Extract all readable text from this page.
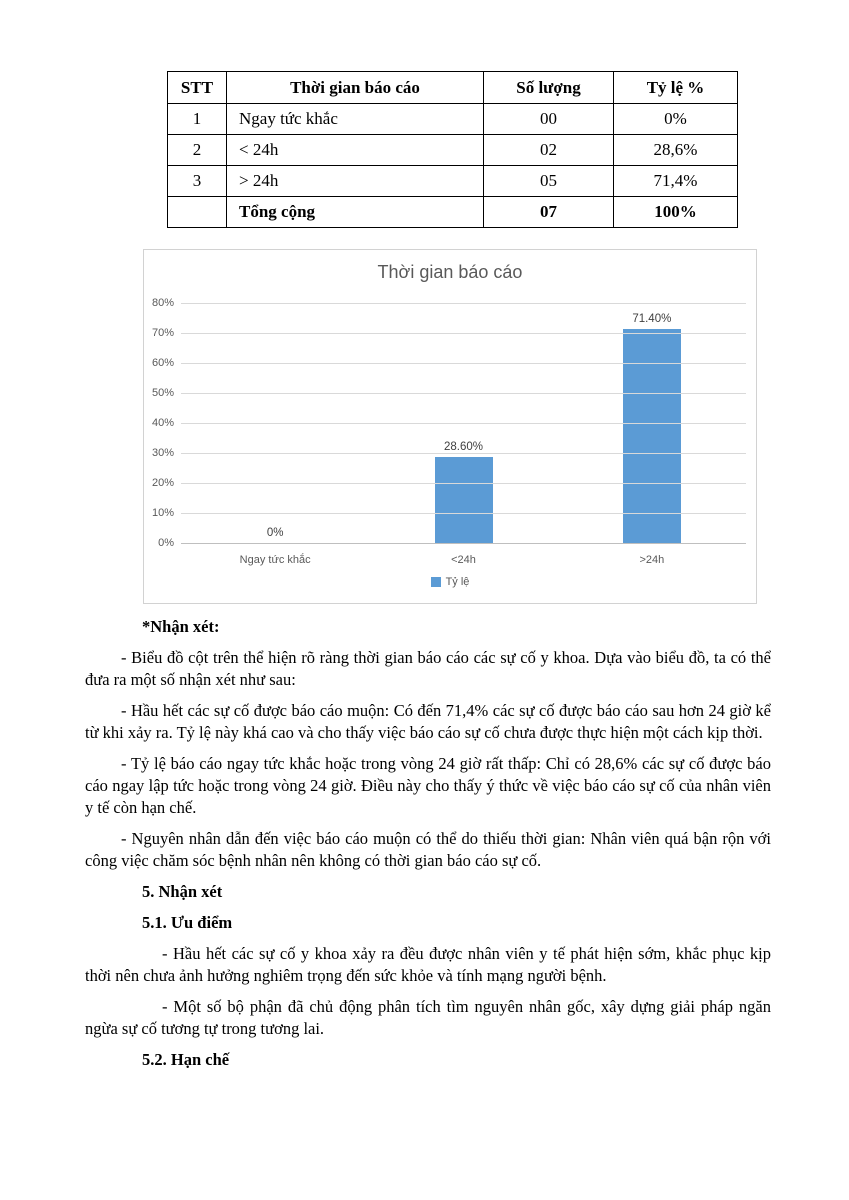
STT	Thời gian báo cáo	Số lượng	Tỷ lệ %
1	Ngay tức khắc	00	0%
2	< 24h	02	28,6%
3	> 24h	05	71,4%
	Tổng cộng	07	100%
Thời gian báo cáo
>24h
71.40%
<24h
28.60%
Ngay tức khắc
0%
80%
70%
60%
50%
40%
30%
20%
10%
0%
Tỷ lệ
*Nhận xét:

- Biểu đồ cột trên thể hiện rõ ràng thời gian báo cáo các sự cố y khoa. Dựa vào biểu đồ, ta có thể đưa ra một số nhận xét như sau:

- Hầu hết các sự cố được báo cáo muộn: Có đến 71,4% các sự cố được báo cáo sau hơn 24 giờ kể từ khi xảy ra. Tỷ lệ này khá cao và cho thấy việc báo cáo sự cố chưa được thực hiện một cách kịp thời.

- Tỷ lệ báo cáo ngay tức khắc hoặc trong vòng 24 giờ rất thấp: Chỉ có 28,6% các sự cố được báo cáo ngay lập tức hoặc trong vòng 24 giờ. Điều này cho thấy ý thức về việc báo cáo sự cố của nhân viên y tế còn hạn chế.

- Nguyên nhân dẫn đến việc báo cáo muộn có thể do thiếu thời gian: Nhân viên quá bận rộn với công việc chăm sóc bệnh nhân nên không có thời gian báo cáo sự cố.

5. Nhận xét
5.1. Ưu điểm

- Hầu hết các sự cố y khoa xảy ra đều được nhân viên y tế phát hiện sớm, khắc phục kịp thời nên chưa ảnh hưởng nghiêm trọng đến sức khỏe và tính mạng người bệnh.

- Một số bộ phận đã chủ động phân tích tìm nguyên nhân gốc, xây dựng giải pháp ngăn ngừa sự cố tương tự trong tương lai.

5.2. Hạn chế
